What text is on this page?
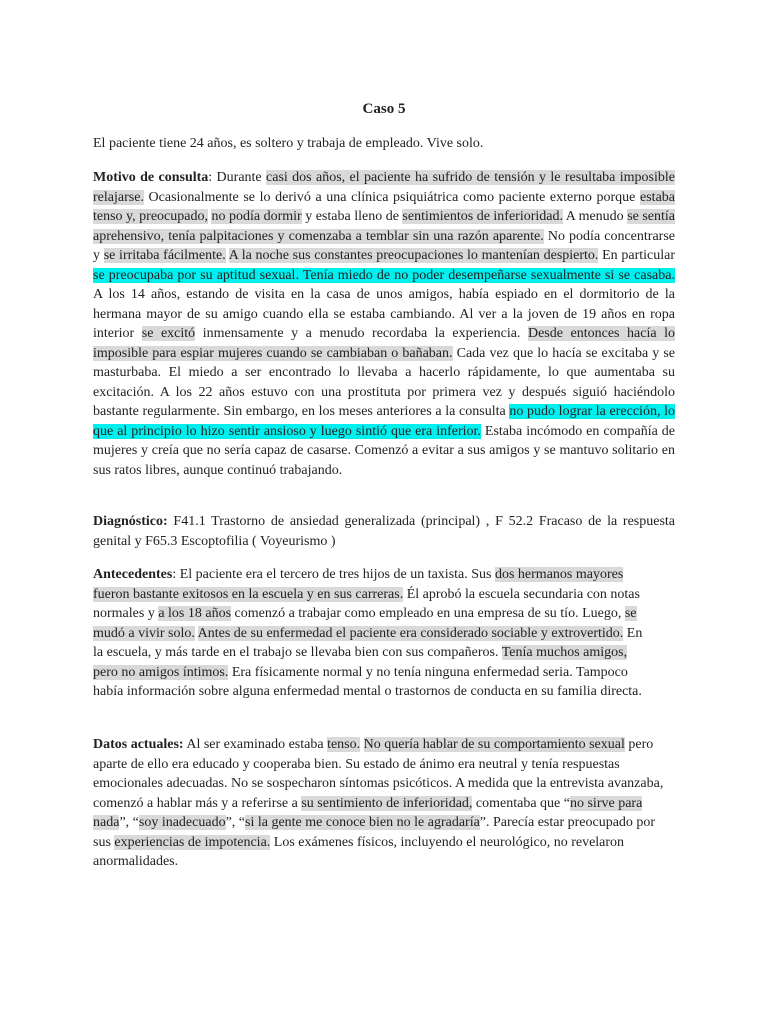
Caso 5
El paciente tiene 24 años, es soltero y trabaja de empleado. Vive solo.
Motivo de consulta: Durante casi dos años, el paciente ha sufrido de tensión y le resultaba imposible relajarse. Ocasionalmente se lo derivó a una clínica psiquiátrica como paciente externo porque estaba tenso y, preocupado, no podía dormir y estaba lleno de sentimientos de inferioridad. A menudo se sentía aprehensivo, tenía palpitaciones y comenzaba a temblar sin una razón aparente. No podía concentrarse y se irritaba fácilmente. A la noche sus constantes preocupaciones lo mantenían despierto. En particular se preocupaba por su aptitud sexual. Tenía miedo de no poder desempeñarse sexualmente si se casaba. A los 14 años, estando de visita en la casa de unos amigos, había espiado en el dormitorio de la hermana mayor de su amigo cuando ella se estaba cambiando. Al ver a la joven de 19 años en ropa interior se excitó inmensamente y a menudo recordaba la experiencia. Desde entonces hacía lo imposible para espiar mujeres cuando se cambiaban o bañaban. Cada vez que lo hacía se excitaba y se masturbaba. El miedo a ser encontrado lo llevaba a hacerlo rápidamente, lo que aumentaba su excitación. A los 22 años estuvo con una prostituta por primera vez y después siguió haciéndolo bastante regularmente. Sin embargo, en los meses anteriores a la consulta no pudo lograr la erección, lo que al principio lo hizo sentir ansioso y luego sintió que era inferior. Estaba incómodo en compañía de mujeres y creía que no sería capaz de casarse. Comenzó a evitar a sus amigos y se mantuvo solitario en sus ratos libres, aunque continuó trabajando.
Diagnóstico: F41.1 Trastorno de ansiedad generalizada (principal) , F 52.2 Fracaso de la respuesta genital y F65.3 Escoptofilia ( Voyeurismo )
Antecedentes: El paciente era el tercero de tres hijos de un taxista. Sus dos hermanos mayores fueron bastante exitosos en la escuela y en sus carreras. Él aprobó la escuela secundaria con notas normales y a los 18 años comenzó a trabajar como empleado en una empresa de su tío. Luego, se mudó a vivir solo. Antes de su enfermedad el paciente era considerado sociable y extrovertido. En la escuela, y más tarde en el trabajo se llevaba bien con sus compañeros. Tenía muchos amigos, pero no amigos íntimos. Era físicamente normal y no tenía ninguna enfermedad seria. Tampoco había información sobre alguna enfermedad mental o trastornos de conducta en su familia directa.
Datos actuales: Al ser examinado estaba tenso. No quería hablar de su comportamiento sexual pero aparte de ello era educado y cooperaba bien. Su estado de ánimo era neutral y tenía respuestas emocionales adecuadas. No se sospecharon síntomas psicóticos. A medida que la entrevista avanzaba, comenzó a hablar más y a referirse a su sentimiento de inferioridad, comentaba que “no sirve para nada”, “soy inadecuado”, “si la gente me conoce bien no le agradaría”. Parecía estar preocupado por sus experiencias de impotencia. Los exámenes físicos, incluyendo el neurológico, no revelaron anormalidades.
